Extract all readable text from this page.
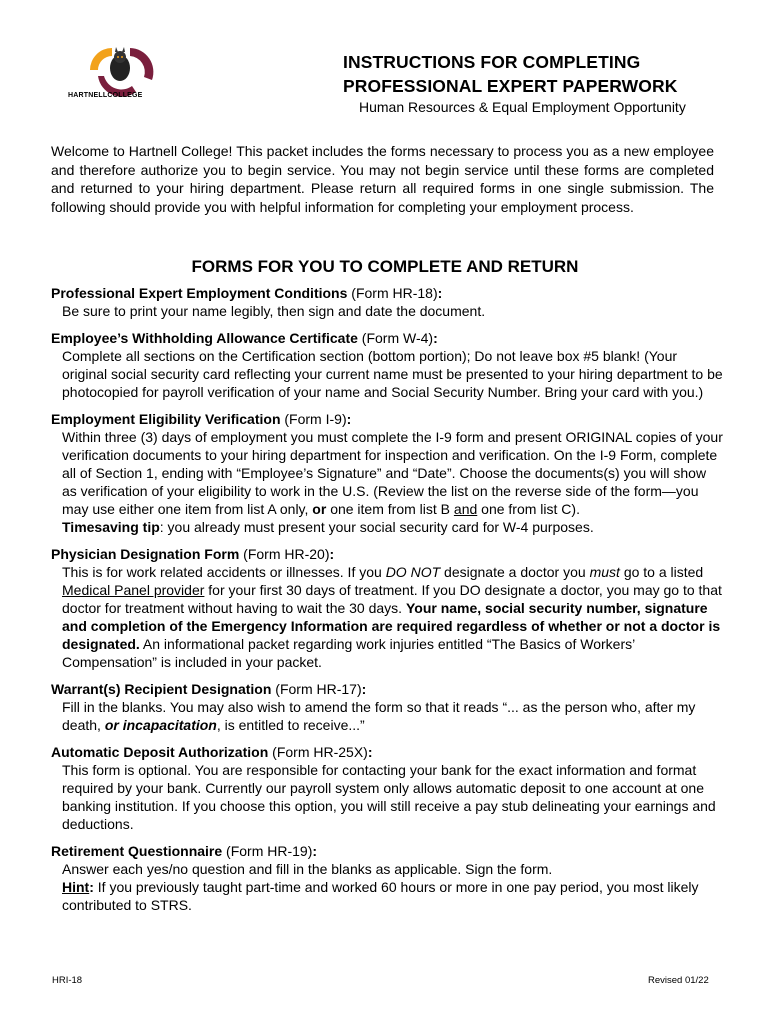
HARTNELLCOLLEGE
INSTRUCTIONS FOR COMPLETING
PROFESSIONAL EXPERT PAPERWORK
Human Resources & Equal Employment Opportunity
Welcome to Hartnell College! This packet includes the forms necessary to process you as a new employee and therefore authorize you to begin service. You may not begin service until these forms are completed and returned to your hiring department. Please return all required forms in one single submission. The following should provide you with helpful information for completing your employment process.
FORMS FOR YOU TO COMPLETE AND RETURN
Professional Expert Employment Conditions (Form HR-18):
Be sure to print your name legibly, then sign and date the document.
Employee’s Withholding Allowance Certificate (Form W-4):
Complete all sections on the Certification section (bottom portion); Do not leave box #5 blank! (Your original social security card reflecting your current name must be presented to your hiring department to be photocopied for payroll verification of your name and Social Security Number. Bring your card with you.)
Employment Eligibility Verification (Form I-9):
Within three (3) days of employment you must complete the I-9 form and present ORIGINAL copies of your verification documents to your hiring department for inspection and verification. On the I-9 Form, complete all of Section 1, ending with “Employee’s Signature” and “Date”. Choose the documents(s) you will show as verification of your eligibility to work in the U.S. (Review the list on the reverse side of the form—you may use either one item from list A only, or one item from list B and one from list C).
Timesaving tip: you already must present your social security card for W-4 purposes.
Physician Designation Form (Form HR-20):
This is for work related accidents or illnesses. If you DO NOT designate a doctor you must go to a listed Medical Panel provider for your first 30 days of treatment. If you DO designate a doctor, you may go to that doctor for treatment without having to wait the 30 days. Your name, social security number, signature and completion of the Emergency Information are required regardless of whether or not a doctor is designated. An informational packet regarding work injuries entitled “The Basics of Workers’ Compensation” is included in your packet.
Warrant(s) Recipient Designation (Form HR-17):
Fill in the blanks. You may also wish to amend the form so that it reads “... as the person who, after my death, or incapacitation, is entitled to receive...”
Automatic Deposit Authorization (Form HR-25X):
This form is optional. You are responsible for contacting your bank for the exact information and format required by your bank. Currently our payroll system only allows automatic deposit to one account at one banking institution. If you choose this option, you will still receive a pay stub delineating your earnings and deductions.
Retirement Questionnaire (Form HR-19):
Answer each yes/no question and fill in the blanks as applicable. Sign the form.
Hint: If you previously taught part-time and worked 60 hours or more in one pay period, you most likely contributed to STRS.
HRI-18	Revised 01/22
